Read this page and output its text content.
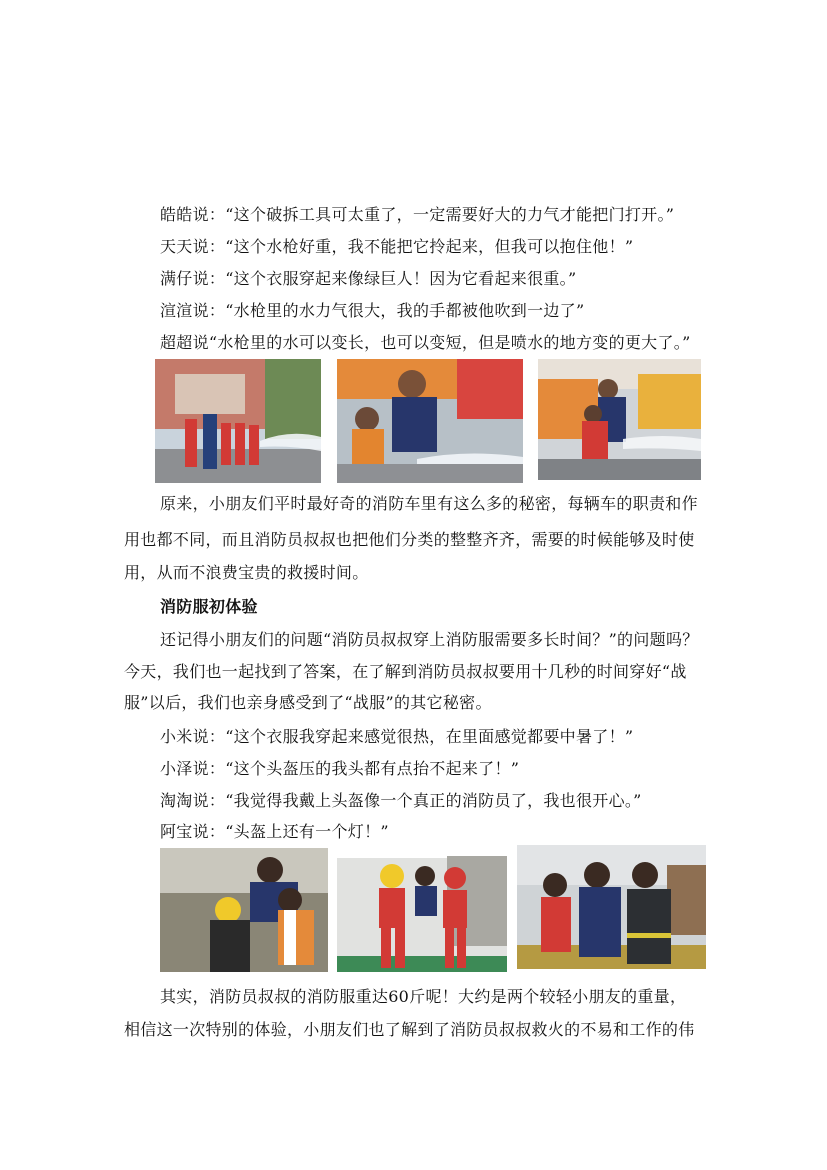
皓皓说：“这个破拆工具可太重了，一定需要好大的力气才能把门打开。”
天天说：“这个水枪好重，我不能把它拎起来，但我可以抱住他！”
满仔说：“这个衣服穿起来像绿巨人！因为它看起来很重。”
渲渲说：“水枪里的水力气很大，我的手都被他吹到一边了”
超超说“水枪里的水可以变长，也可以变短，但是喷水的地方变的更大了。”
原来，小朋友们平时最好奇的消防车里有这么多的秘密，每辆车的职责和作
用也都不同，而且消防员叔叔也把他们分类的整整齐齐，需要的时候能够及时使
用，从而不浪费宝贵的救援时间。
消防服初体验
还记得小朋友们的问题“消防员叔叔穿上消防服需要多长时间？”的问题吗？
今天，我们也一起找到了答案，在了解到消防员叔叔要用十几秒的时间穿好“战
服”以后，我们也亲身感受到了“战服”的其它秘密。
小米说：“这个衣服我穿起来感觉很热，在里面感觉都要中暑了！”
小泽说：“这个头盔压的我头都有点抬不起来了！”
淘淘说：“我觉得我戴上头盔像一个真正的消防员了，我也很开心。”
阿宝说：“头盔上还有一个灯！”
其实，消防员叔叔的消防服重达60斤呢！大约是两个较轻小朋友的重量，
相信这一次特别的体验，小朋友们也了解到了消防员叔叔救火的不易和工作的伟
